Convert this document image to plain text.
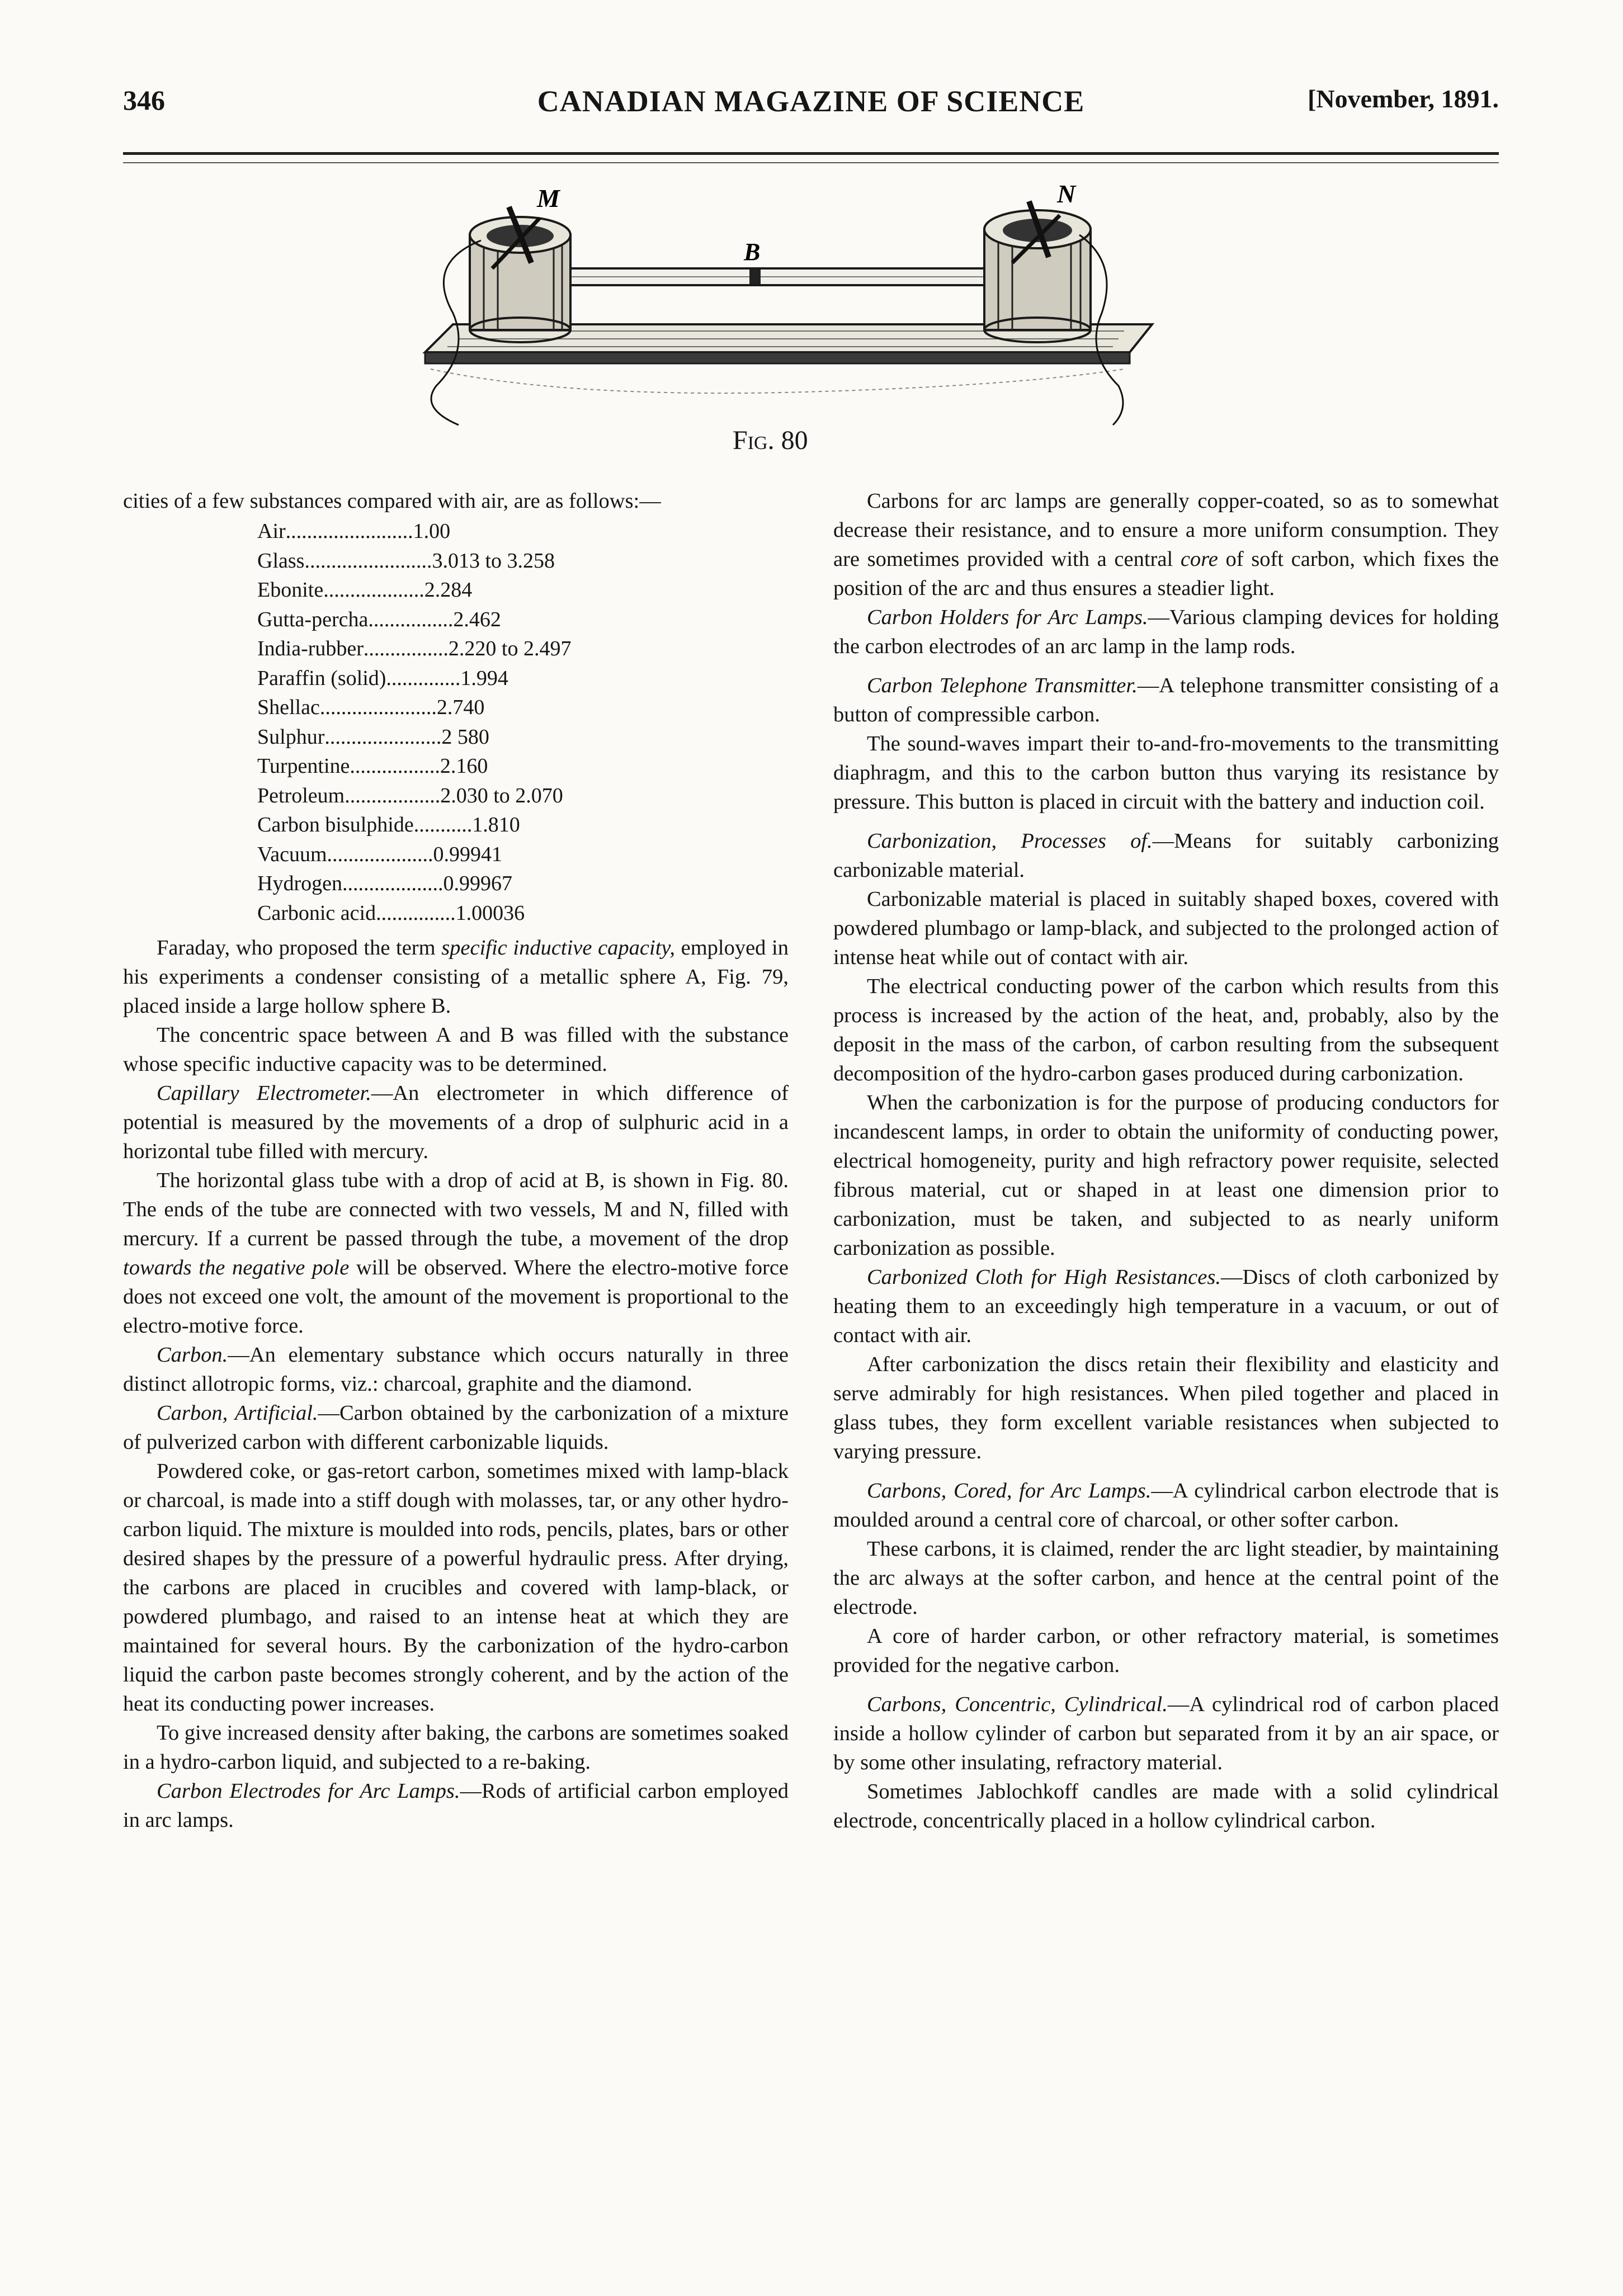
346	CANADIAN MAGAZINE OF SCIENCE	[November, 1891.
M	N
B
Fig. 80

cities of a few substances compared with air, are as follows:—

Air ........................ 1.00
Glass ........................ 3.013 to 3.258
Ebonite ................... 2.284
Gutta-percha ................ 2.462
India-rubber ................ 2.220 to 2.497
Paraffin (solid) .............. 1.994
Shellac ...................... 2.740
Sulphur ...................... 2 580
Turpentine ................. 2.160
Petroleum .................. 2.030 to 2.070
Carbon bisulphide ........... 1.810
Vacuum .................... 0.99941
Hydrogen ................... 0.99967
Carbonic acid ............... 1.00036

Faraday, who proposed the term specific inductive capacity, employed in his experiments a condenser consisting of a metallic sphere A, Fig. 79, placed inside a large hollow sphere B.

The concentric space between A and B was filled with the substance whose specific inductive capacity was to be determined.

Capillary Electrometer.—An electrometer in which difference of potential is measured by the movements of a drop of sulphuric acid in a horizontal tube filled with mercury.

The horizontal glass tube with a drop of acid at B, is shown in Fig. 80. The ends of the tube are connected with two vessels, M and N, filled with mercury. If a current be passed through the tube, a movement of the drop towards the negative pole will be observed. Where the electro-motive force does not exceed one volt, the amount of the movement is proportional to the electro-motive force.

Carbon.—An elementary substance which occurs naturally in three distinct allotropic forms, viz.: charcoal, graphite and the diamond.

Carbon, Artificial.—Carbon obtained by the carbonization of a mixture of pulverized carbon with different carbonizable liquids.

Powdered coke, or gas-retort carbon, sometimes mixed with lamp-black or charcoal, is made into a stiff dough with molasses, tar, or any other hydro-carbon liquid. The mixture is moulded into rods, pencils, plates, bars or other desired shapes by the pressure of a powerful hydraulic press. After drying, the carbons are placed in crucibles and covered with lamp-black, or powdered plumbago, and raised to an intense heat at which they are maintained for several hours. By the carbonization of the hydro-carbon liquid the carbon paste becomes strongly coherent, and by the action of the heat its conducting power increases.

To give increased density after baking, the carbons are sometimes soaked in a hydro-carbon liquid, and subjected to a re-baking.

Carbon Electrodes for Arc Lamps.—Rods of artificial carbon employed in arc lamps.

Carbons for arc lamps are generally copper-coated, so as to somewhat decrease their resistance, and to ensure a more uniform consumption. They are sometimes provided with a central core of soft carbon, which fixes the position of the arc and thus ensures a steadier light.

Carbon Holders for Arc Lamps.—Various clamping devices for holding the carbon electrodes of an arc lamp in the lamp rods.

Carbon Telephone Transmitter.—A telephone transmitter consisting of a button of compressible carbon.

The sound-waves impart their to-and-fro-movements to the transmitting diaphragm, and this to the carbon button thus varying its resistance by pressure. This button is placed in circuit with the battery and induction coil.

Carbonization, Processes of.—Means for suitably carbonizing carbonizable material.

Carbonizable material is placed in suitably shaped boxes, covered with powdered plumbago or lamp-black, and subjected to the prolonged action of intense heat while out of contact with air.

The electrical conducting power of the carbon which results from this process is increased by the action of the heat, and, probably, also by the deposit in the mass of the carbon, of carbon resulting from the subsequent decomposition of the hydro-carbon gases produced during carbonization.

When the carbonization is for the purpose of producing conductors for incandescent lamps, in order to obtain the uniformity of conducting power, electrical homogeneity, purity and high refractory power requisite, selected fibrous material, cut or shaped in at least one dimension prior to carbonization, must be taken, and subjected to as nearly uniform carbonization as possible.

Carbonized Cloth for High Resistances.—Discs of cloth carbonized by heating them to an exceedingly high temperature in a vacuum, or out of contact with air.

After carbonization the discs retain their flexibility and elasticity and serve admirably for high resistances. When piled together and placed in glass tubes, they form excellent variable resistances when subjected to varying pressure.

Carbons, Cored, for Arc Lamps.—A cylindrical carbon electrode that is moulded around a central core of charcoal, or other softer carbon.

These carbons, it is claimed, render the arc light steadier, by maintaining the arc always at the softer carbon, and hence at the central point of the electrode.

A core of harder carbon, or other refractory material, is sometimes provided for the negative carbon.

Carbons, Concentric, Cylindrical.—A cylindrical rod of carbon placed inside a hollow cylinder of carbon but separated from it by an air space, or by some other insulating, refractory material.

Sometimes Jablochkoff candles are made with a solid cylindrical electrode, concentrically placed in a hollow cylindrical carbon.
